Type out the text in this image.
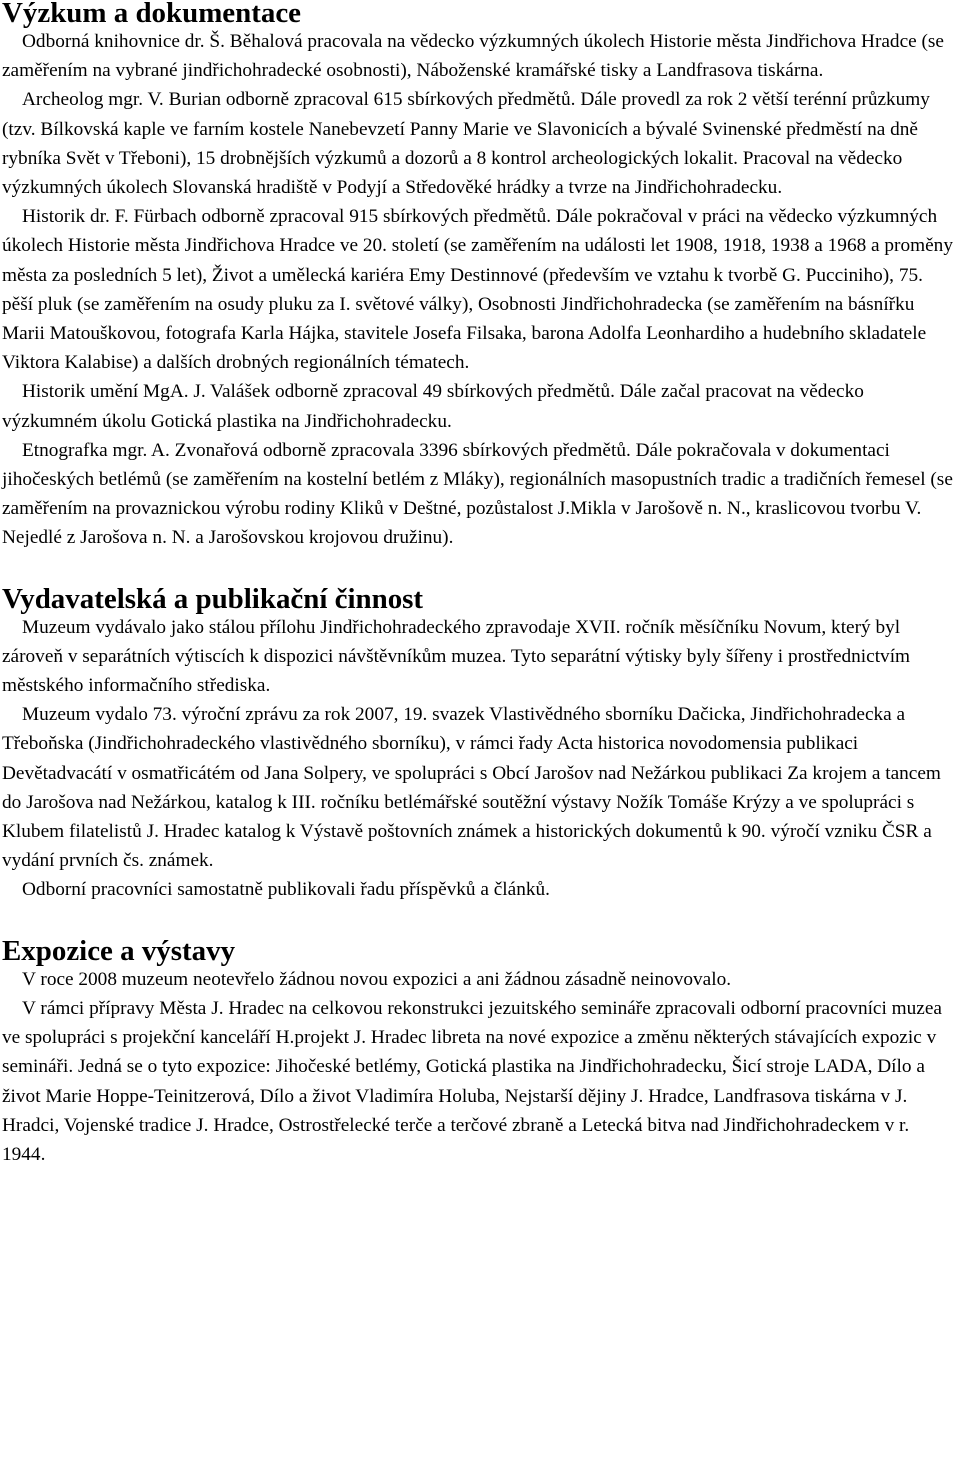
Výzkum a dokumentace

Odborná knihovnice dr. Š. Běhalová pracovala na vědecko výzkumných úkolech Historie města Jindřichova Hradce (se zaměřením na vybrané jindřichohradecké osobnosti), Náboženské kramářské tisky a Landfrasova tiskárna.

Archeolog mgr. V. Burian odborně zpracoval 615 sbírkových předmětů. Dále provedl za rok 2 větší terénní průzkumy (tzv. Bílkovská kaple ve farním kostele Nanebevzetí Panny Marie ve Slavonicích a bývalé Svinenské předměstí na dně rybníka Svět v Třeboni), 15 drobnějších výzkumů a dozorů a 8 kontrol archeologických lokalit. Pracoval na vědecko výzkumných úkolech Slovanská hradiště v Podyjí a Středověké hrádky a tvrze na Jindřichohradecku.

Historik dr. F. Fürbach odborně zpracoval 915 sbírkových předmětů. Dále pokračoval v práci na vědecko výzkumných úkolech Historie města Jindřichova Hradce ve 20. století (se zaměřením na události let 1908, 1918, 1938 a 1968 a proměny města za posledních 5 let), Život a umělecká kariéra Emy Destinnové (především ve vztahu k tvorbě G. Pucciniho), 75. pěší pluk (se zaměřením na osudy pluku za I. světové války), Osobnosti Jindřichohradecka (se zaměřením na básnířku Marii Matouškovou, fotografa Karla Hájka, stavitele Josefa Filsaka, barona Adolfa Leonhardiho a hudebního skladatele Viktora Kalabise) a dalších drobných regionálních tématech.

Historik umění MgA. J. Valášek odborně zpracoval 49 sbírkových předmětů. Dále začal pracovat na vědecko výzkumném úkolu Gotická plastika na Jindřichohradecku.

Etnografka mgr. A. Zvonařová odborně zpracovala 3396 sbírkových předmětů. Dále pokračovala v dokumentaci jihočeských betlémů (se zaměřením na kostelní betlém z Mláky), regionálních masopustních tradic a tradičních řemesel (se zaměřením na provaznickou výrobu rodiny Kliků v Deštné, pozůstalost J.Mikla v Jarošově n. N., kraslicovou tvorbu V. Nejedlé z Jarošova n. N. a Jarošovskou krojovou družinu).

Vydavatelská a publikační činnost

Muzeum vydávalo jako stálou přílohu Jindřichohradeckého zpravodaje XVII. ročník měsíčníku Novum, který byl zároveň v separátních výtiscích k dispozici návštěvníkům muzea. Tyto separátní výtisky byly šířeny i prostřednictvím městského informačního střediska.

Muzeum vydalo 73. výroční zprávu za rok 2007, 19. svazek Vlastivědného sborníku Dačicka, Jindřichohradecka a Třeboňska (Jindřichohradeckého vlastivědného sborníku), v rámci řady Acta historica novodomensia publikaci Devětadvacátí v osmatřicátém od Jana Solpery, ve spolupráci s Obcí Jarošov nad Nežárkou publikaci Za krojem a tancem do Jarošova nad Nežárkou, katalog k III. ročníku betlémářské soutěžní výstavy Nožík Tomáše Krýzy a ve spolupráci s Klubem filatelistů J. Hradec katalog k Výstavě poštovních známek a historických dokumentů k 90. výročí vzniku ČSR a vydání prvních čs. známek.

Odborní pracovníci samostatně publikovali řadu příspěvků a článků.

Expozice a výstavy

V roce 2008 muzeum neotevřelo žádnou novou expozici a ani žádnou zásadně neinovovalo.

V rámci přípravy Města J. Hradec na celkovou rekonstrukci jezuitského semináře zpracovali odborní pracovníci muzea ve spolupráci s projekční kanceláří H.projekt J. Hradec libreta na nové expozice a změnu některých stávajících expozic v semináři. Jedná se o tyto expozice: Jihočeské betlémy, Gotická plastika na Jindřichohradecku, Šicí stroje LADA, Dílo a život Marie Hoppe-Teinitzerová, Dílo a život Vladimíra Holuba, Nejstarší dějiny J. Hradce, Landfrasova tiskárna v J. Hradci, Vojenské tradice J. Hradce, Ostrostřelecké terče a terčové zbraně a Letecká bitva nad Jindřichohradeckem v r. 1944.
